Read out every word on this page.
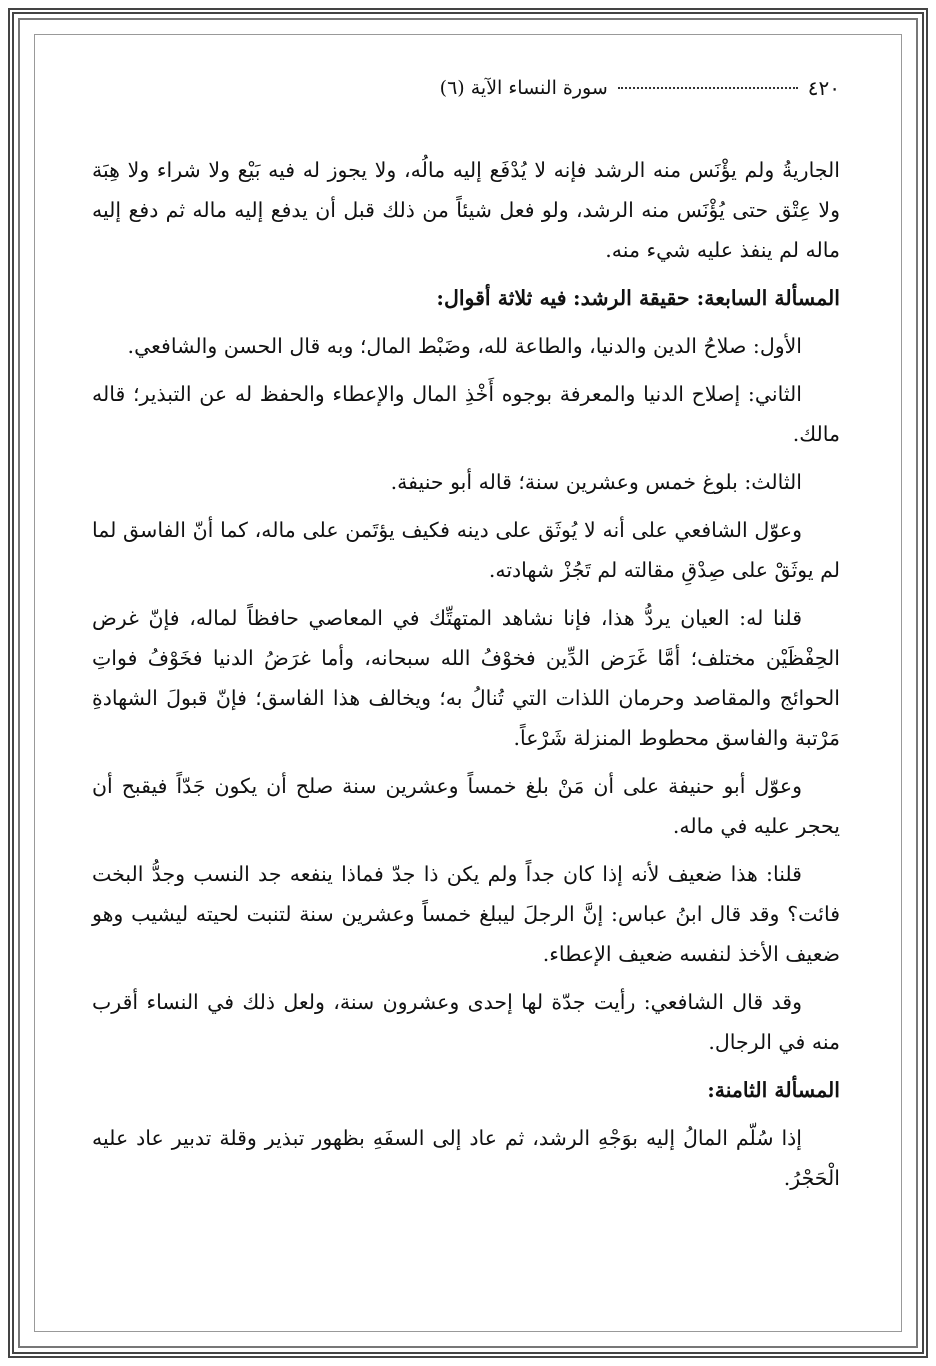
٤٢٠
سورة النساء الآية (٦)

الجاريةُ ولم يؤْنَس منه الرشد فإنه لا يُدْفَع إليه مالُه، ولا يجوز له فيه بَيْع ولا شراء ولا هِبَة ولا عِتْق حتى يُؤْنَس منه الرشد، ولو فعل شيئاً من ذلك قبل أن يدفع إليه ماله ثم دفع إليه ماله لم ينفذ عليه شيء منه.

المسألة السابعة: حقيقة الرشد: فيه ثلاثة أقوال:

الأول: صلاحُ الدين والدنيا، والطاعة لله، وضَبْط المال؛ وبه قال الحسن والشافعي.

الثاني: إصلاح الدنيا والمعرفة بوجوه أَخْذِ المال والإعطاء والحفظ له عن التبذير؛ قاله مالك.

الثالث: بلوغ خمس وعشرين سنة؛ قاله أبو حنيفة.

وعوّل الشافعي على أنه لا يُوثَق على دينه فكيف يؤتَمن على ماله، كما أنّ الفاسق لما لم يوثَقْ على صِدْقِ مقالته لم تَجُزْ شهادته.

قلنا له: العيان يردُّ هذا، فإنا نشاهد المتهتِّك في المعاصي حافظاً لماله، فإنّ غرض الحِفْظَيْن مختلف؛ أمَّا غَرَض الدِّين فخوْفُ الله سبحانه، وأما غرَضُ الدنيا فخَوْفُ فواتِ الحوائج والمقاصد وحرمان اللذات التي تُنالُ به؛ ويخالف هذا الفاسق؛ فإنّ قبولَ الشهادةِ مَرْتبة والفاسق محطوط المنزلة شَرْعاً.

وعوّل أبو حنيفة على أن مَنْ بلغ خمساً وعشرين سنة صلح أن يكون جَدّاً فيقبح أن يحجر عليه في ماله.

قلنا: هذا ضعيف لأنه إذا كان جداً ولم يكن ذا جدّ فماذا ينفعه جد النسب وجدُّ البخت فائت؟ وقد قال ابنُ عباس: إنَّ الرجلَ ليبلغ خمساً وعشرين سنة لتنبت لحيته ليشيب وهو ضعيف الأخذ لنفسه ضعيف الإعطاء.

وقد قال الشافعي: رأيت جدّة لها إحدى وعشرون سنة، ولعل ذلك في النساء أقرب منه في الرجال.

المسألة الثامنة:

إذا سُلّم المالُ إليه بوَجْهِ الرشد، ثم عاد إلى السفَهِ بظهور تبذير وقلة تدبير عاد عليه الْحَجْرُ.
